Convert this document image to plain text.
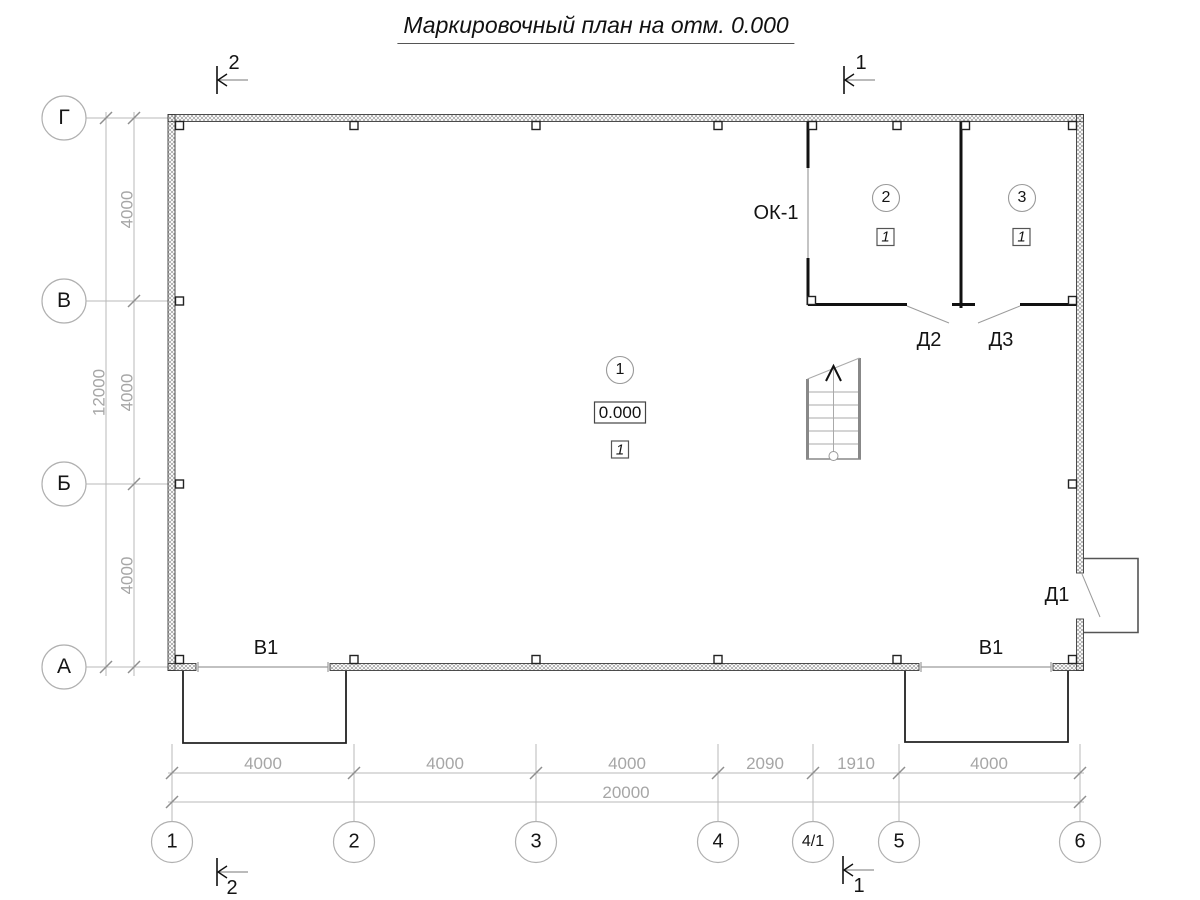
Маркировочный план на отм. 0.000
Г
В
Б
А
1	2	3	4	4/1	5	6
4000
4000
4000
12000
4000	4000	4000	2090	1910	4000
20000
2
2
1
1
ОК-1
Д2 Д3
Д1
В1	В1
1
0.000
1
2
1
3
1
